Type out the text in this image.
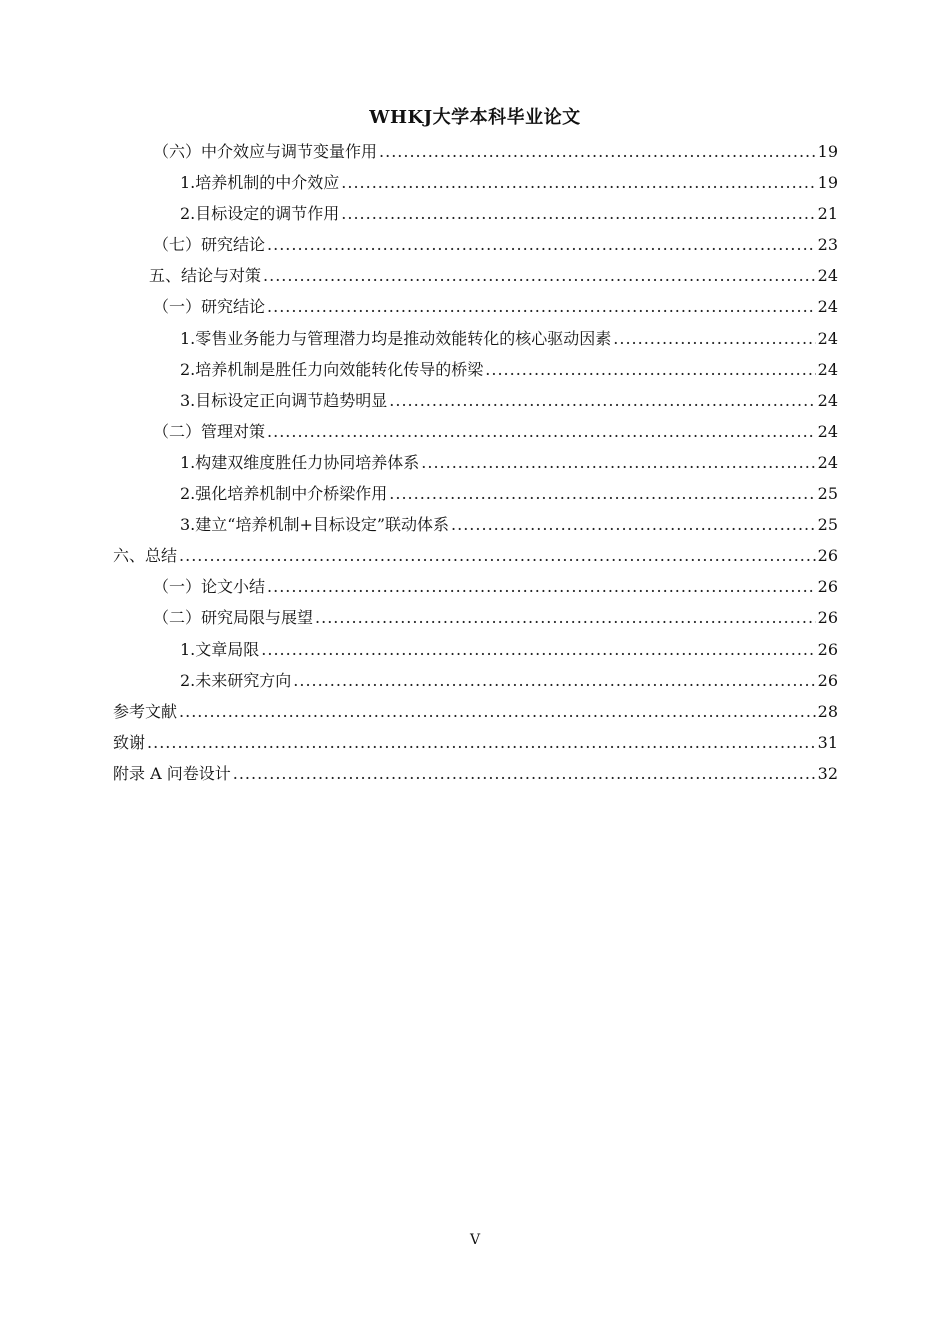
WHKJ大学本科毕业论文
（六）中介效应与调节变量作用 .....	19
1.培养机制的中介效应 .....	19
2.目标设定的调节作用 .....	21
（七）研究结论 .....	23
五、结论与对策 .....	24
（一）研究结论 .....	24
1.零售业务能力与管理潜力均是推动效能转化的核心驱动因素 .....	24
2.培养机制是胜任力向效能转化传导的桥梁 .....	24
3.目标设定正向调节趋势明显 .....	24
（二）管理对策 .....	24
1.构建双维度胜任力协同培养体系 .....	24
2.强化培养机制中介桥梁作用 .....	25
3.建立“培养机制+目标设定”联动体系 .....	25
六、总结 .....	26
（一）论文小结 .....	26
（二）研究局限与展望 .....	26
1.文章局限 .....	26
2.未来研究方向 .....	26
参考文献 .....	28
致谢 .....	31
附录 A 问卷设计 .....	32
V
